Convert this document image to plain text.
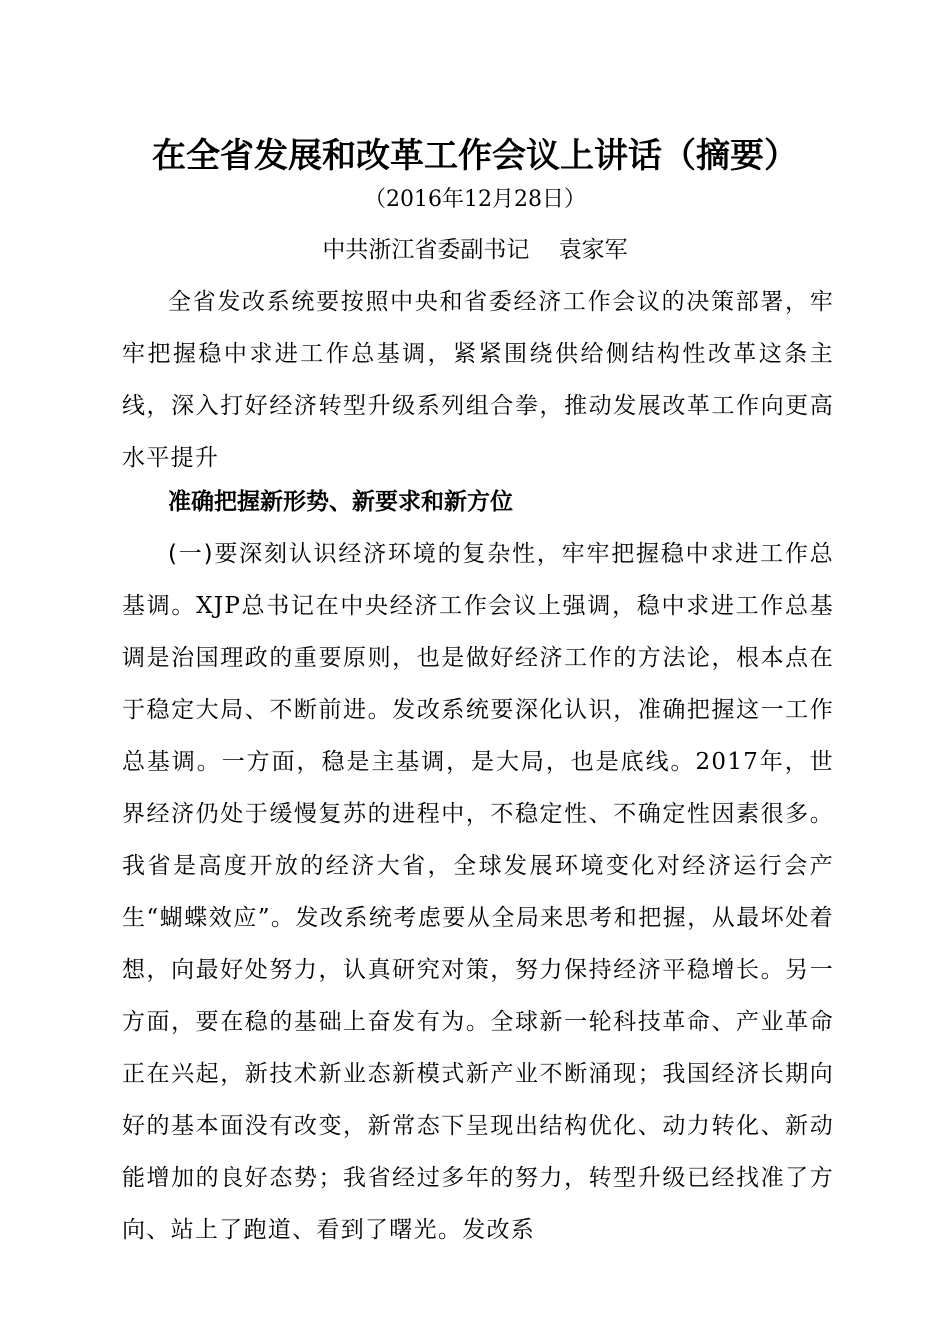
在全省发展和改革工作会议上讲话（摘要）
（2016年12月28日）
中共浙江省委副书记    袁家军

全省发改系统要按照中央和省委经济工作会议的决策部署，牢牢把握稳中求进工作总基调，紧紧围绕供给侧结构性改革这条主线，深入打好经济转型升级系列组合拳，推动发展改革工作向更高水平提升

准确把握新形势、新要求和新方位

(一)要深刻认识经济环境的复杂性，牢牢把握稳中求进工作总基调。XJP总书记在中央经济工作会议上强调，稳中求进工作总基调是治国理政的重要原则，也是做好经济工作的方法论，根本点在于稳定大局、不断前进。发改系统要深化认识，准确把握这一工作总基调。一方面，稳是主基调，是大局，也是底线。2017年，世界经济仍处于缓慢复苏的进程中，不稳定性、不确定性因素很多。我省是高度开放的经济大省，全球发展环境变化对经济运行会产生“蝴蝶效应”。发改系统考虑要从全局来思考和把握，从最坏处着想，向最好处努力，认真研究对策，努力保持经济平稳增长。另一方面，要在稳的基础上奋发有为。全球新一轮科技革命、产业革命正在兴起，新技术新业态新模式新产业不断涌现；我国经济长期向好的基本面没有改变，新常态下呈现出结构优化、动力转化、新动能增加的良好态势；我省经过多年的努力，转型升级已经找准了方向、站上了跑道、看到了曙光。发改系
